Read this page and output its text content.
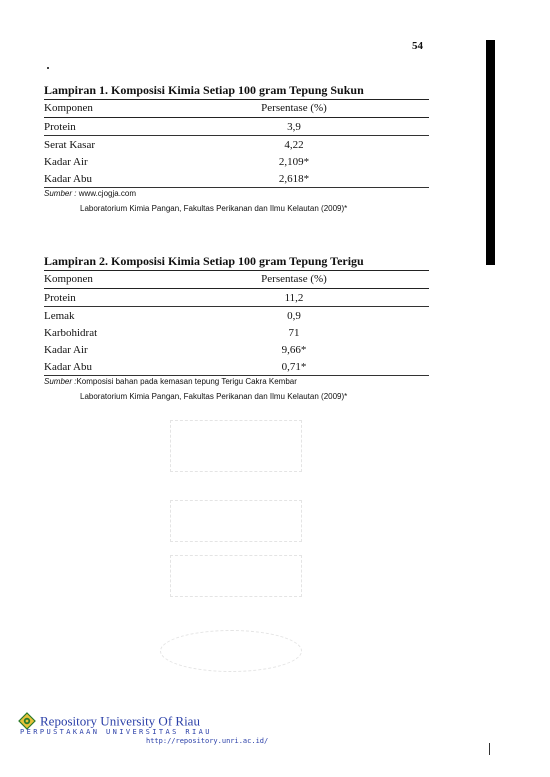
54

Lampiran 1. Komposisi Kimia Setiap 100 gram Tepung Sukun

Komponen	Persentase (%)
Protein	3,9
Serat Kasar	4,22
Kadar Air	2,109*
Kadar Abu	2,618*
Sumber : www.cjogja.com
Laboratorium Kimia Pangan, Fakultas Perikanan dan Ilmu Kelautan (2009)*

Lampiran 2. Komposisi Kimia Setiap 100 gram Tepung Terigu

Komponen	Persentase (%)
Protein	11,2
Lemak	0,9
Karbohidrat	71
Kadar Air	9,66*
Kadar Abu	0,71*
Sumber :Komposisi bahan pada kemasan tepung Terigu Cakra Kembar
Laboratorium Kimia Pangan, Fakultas Perikanan dan Ilmu Kelautan (2009)*
Repository University Of Riau
PERPUSTAKAAN UNIVERSITAS RIAU
http://repository.unri.ac.id/
